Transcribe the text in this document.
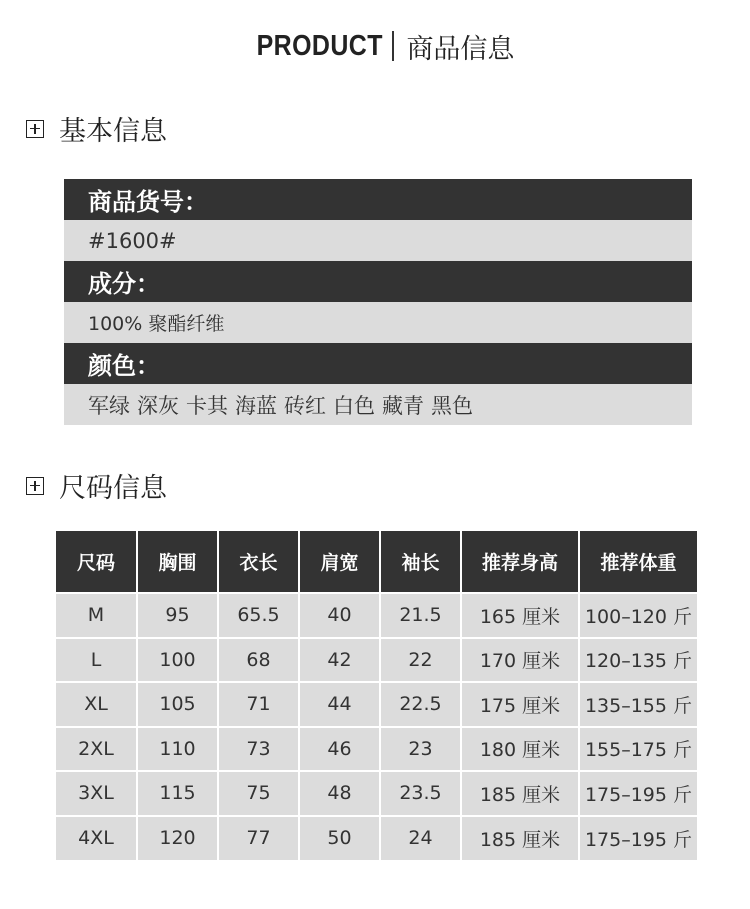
PRODUCT 商品信息
基本信息
商品货号：
#1600#
成分：
100% 聚酯纤维
颜色：
军绿 深灰 卡其 海蓝 砖红 白色 藏青 黑色
尺码信息
尺码	胸围	衣长	肩宽	袖长	推荐身高	推荐体重
M	95	65.5	40	21.5	165 厘米	100–120 斤
L	100	68	42	22	170 厘米	120–135 斤
XL	105	71	44	22.5	175 厘米	135–155 斤
2XL	110	73	46	23	180 厘米	155–175 斤
3XL	115	75	48	23.5	185 厘米	175–195 斤
4XL	120	77	50	24	185 厘米	175–195 斤
